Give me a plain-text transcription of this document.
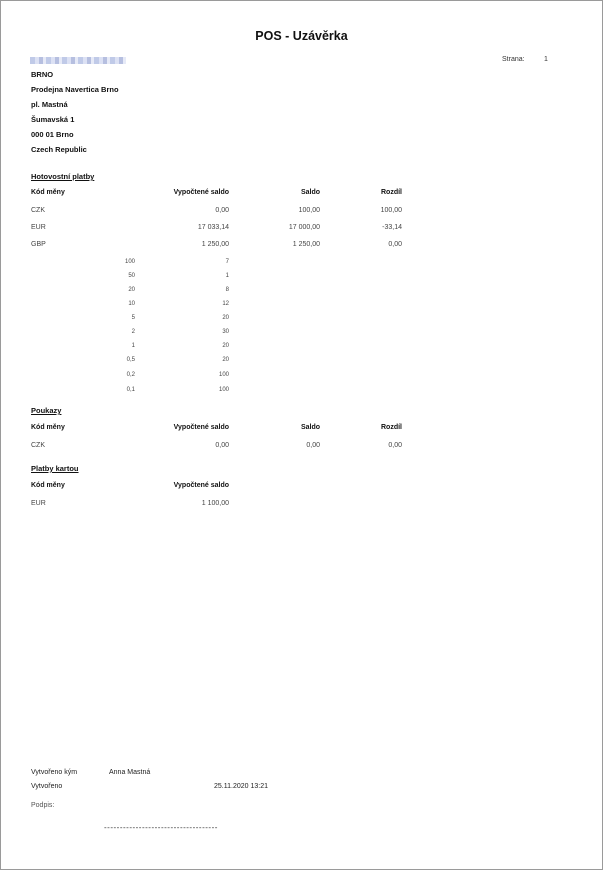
POS - Uzávěrka
Strana:	1
BRNO
Prodejna Navertica Brno
pl. Mastná
Šumavská 1
000 01 Brno
Czech Republic
Hotovostní platby
Kód měny	Vypočtené saldo	Saldo	Rozdíl
CZK	0,00	100,00	100,00
EUR	17 033,14	17 000,00	-33,14
GBP	1 250,00	1 250,00	0,00
100	7
50	1
20	8
10	12
5	20
2	30
1	20
0,5	20
0,2	100
0,1	100
Poukazy
Kód měny	Vypočtené saldo	Saldo	Rozdíl
CZK	0,00	0,00	0,00
Platby kartou
Kód měny	Vypočtené saldo
EUR	1 100,00
Vytvořeno kým	Anna Mastná
Vytvořeno	25.11.2020 13:21
Podpis:
------------------------------------
